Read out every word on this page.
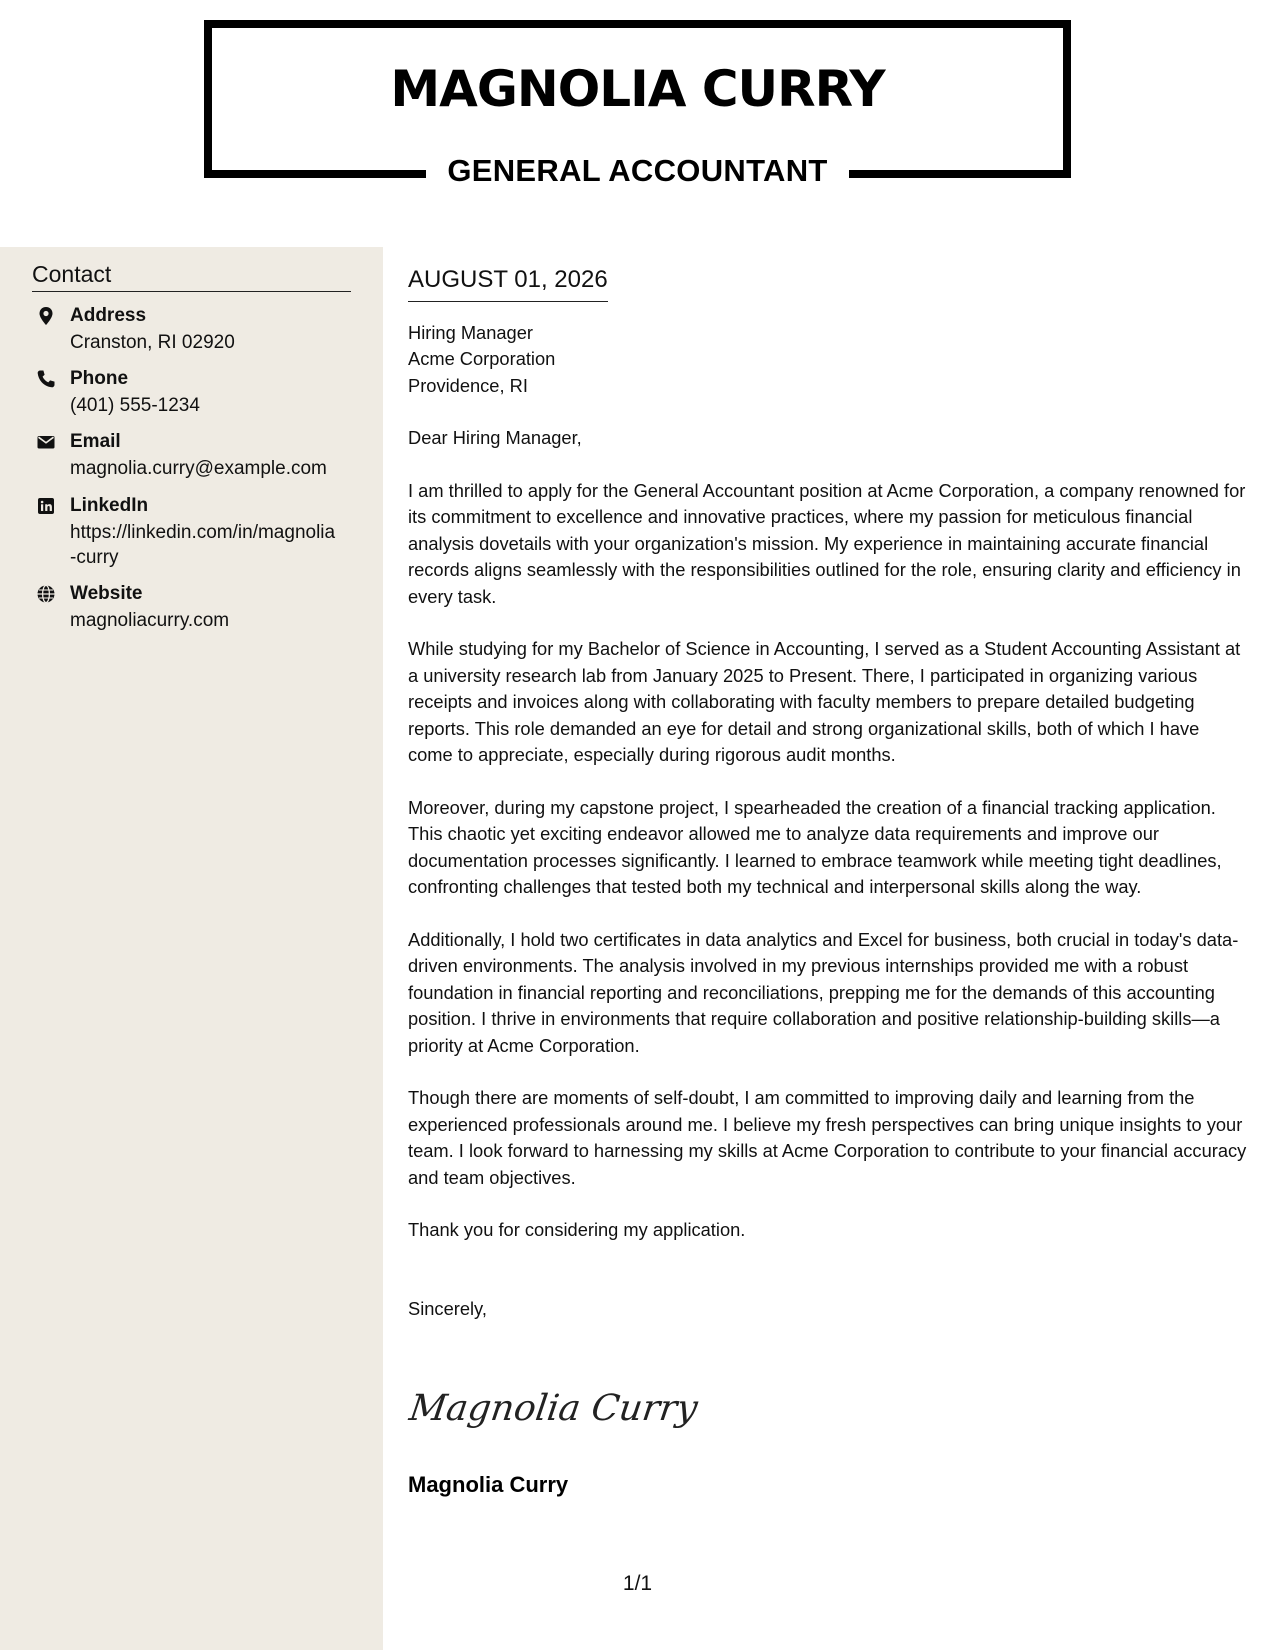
MAGNOLIA CURRY
GENERAL ACCOUNTANT
Contact
Address
Cranston, RI 02920
Phone
(401) 555-1234
Email
magnolia.curry@example.com
LinkedIn
https://linkedin.com/in/magnolia
-curry
Website
magnoliacurry.com
AUGUST 01, 2026
Hiring Manager
Acme Corporation
Providence, RI

Dear Hiring Manager,

I am thrilled to apply for the General Accountant position at Acme Corporation, a company renowned for its commitment to excellence and innovative practices, where my passion for meticulous financial analysis dovetails with your organization's mission. My experience in maintaining accurate financial records aligns seamlessly with the responsibilities outlined for the role, ensuring clarity and efficiency in every task.

While studying for my Bachelor of Science in Accounting, I served as a Student Accounting Assistant at a university research lab from January 2025 to Present. There, I participated in organizing various receipts and invoices along with collaborating with faculty members to prepare detailed budgeting reports. This role demanded an eye for detail and strong organizational skills, both of which I have come to appreciate, especially during rigorous audit months.

Moreover, during my capstone project, I spearheaded the creation of a financial tracking application. This chaotic yet exciting endeavor allowed me to analyze data requirements and improve our documentation processes significantly. I learned to embrace teamwork while meeting tight deadlines, confronting challenges that tested both my technical and interpersonal skills along the way.

Additionally, I hold two certificates in data analytics and Excel for business, both crucial in today's data-driven environments. The analysis involved in my previous internships provided me with a robust foundation in financial reporting and reconciliations, prepping me for the demands of this accounting position. I thrive in environments that require collaboration and positive relationship-building skills—a priority at Acme Corporation.

Though there are moments of self-doubt, I am committed to improving daily and learning from the experienced professionals around me. I believe my fresh perspectives can bring unique insights to your team. I look forward to harnessing my skills at Acme Corporation to contribute to your financial accuracy and team objectives.

Thank you for considering my application.

Sincerely,
Magnolia Curry
Magnolia Curry
1/1
